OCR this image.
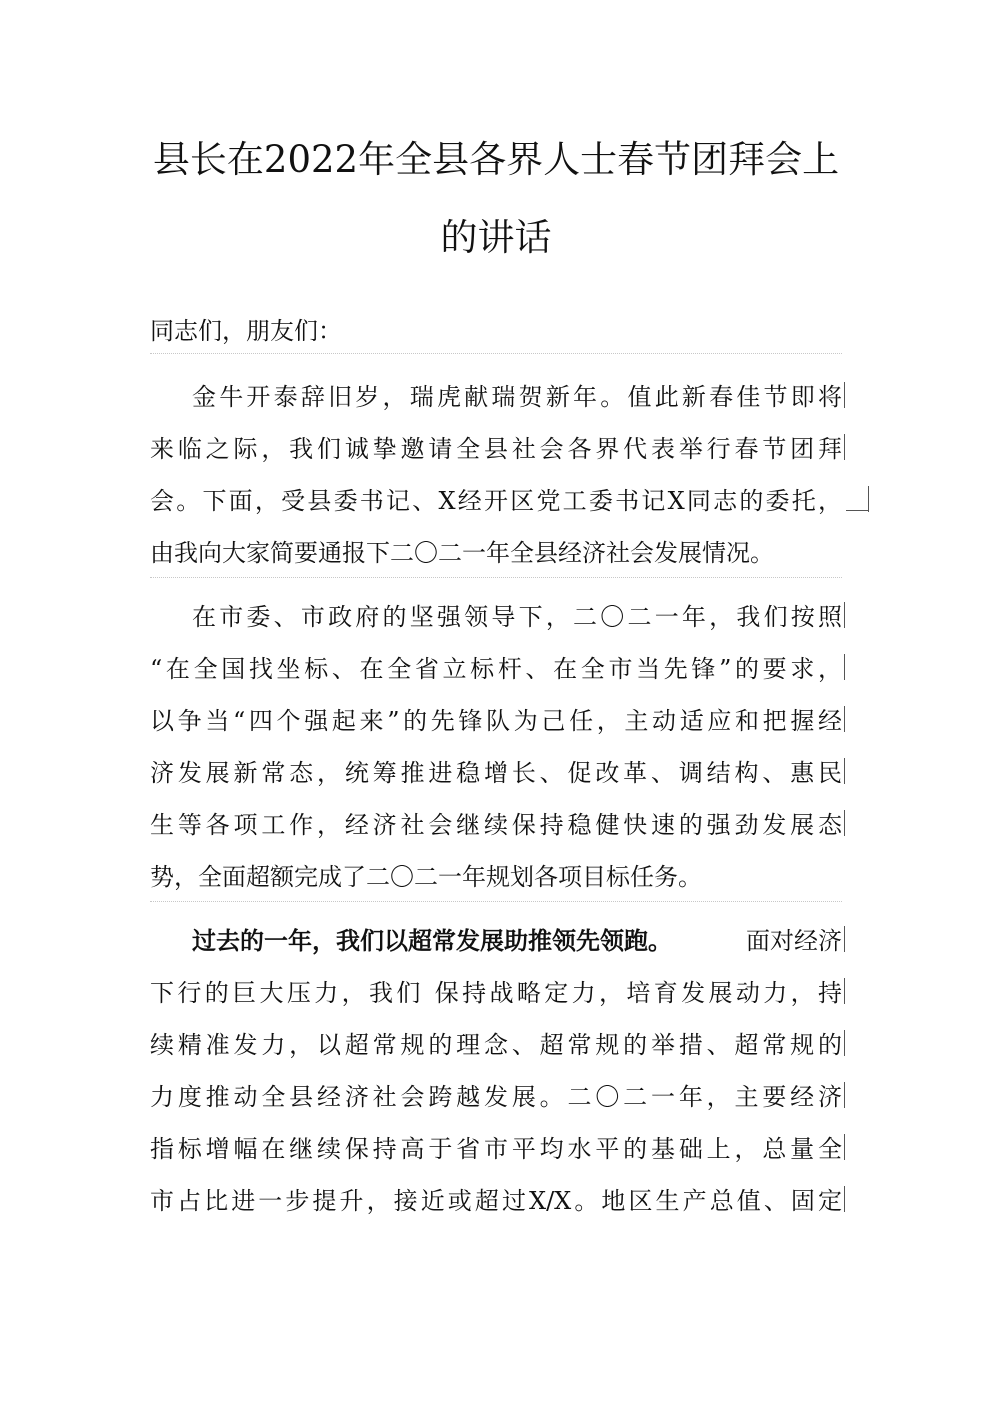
县长在2022年全县各界人士春节团拜会上
的讲话
同志们，朋友们：
金牛开泰辞旧岁，瑞虎献瑞贺新年。值此新春佳节即将
来临之际，我们诚挚邀请全县社会各界代表举行春节团拜
会。下面，受县委书记、X经开区党工委书记X同志的委托，
由我向大家简要通报下二〇二一年全县经济社会发展情况。
在市委、市政府的坚强领导下，二〇二一年，我们按照
“在全国找坐标、在全省立标杆、在全市当先锋”的要求，
以争当“四个强起来”的先锋队为己任，主动适应和把握经
济发展新常态，统筹推进稳增长、促改革、调结构、惠民
生等各项工作，经济社会继续保持稳健快速的强劲发展态
势，全面超额完成了二〇二一年规划各项目标任务。
过去的一年，我们以超常发展助推领先领跑。	面对经济
下行的巨大压力，我们 保持战略定力，培育发展动力，持
续精准发力，以超常规的理念、超常规的举措、超常规的
力度推动全县经济社会跨越发展。二〇二一年，主要经济
指标增幅在继续保持高于省市平均水平的基础上，总量全
市占比进一步提升，接近或超过X/X。地区生产总值、固定
